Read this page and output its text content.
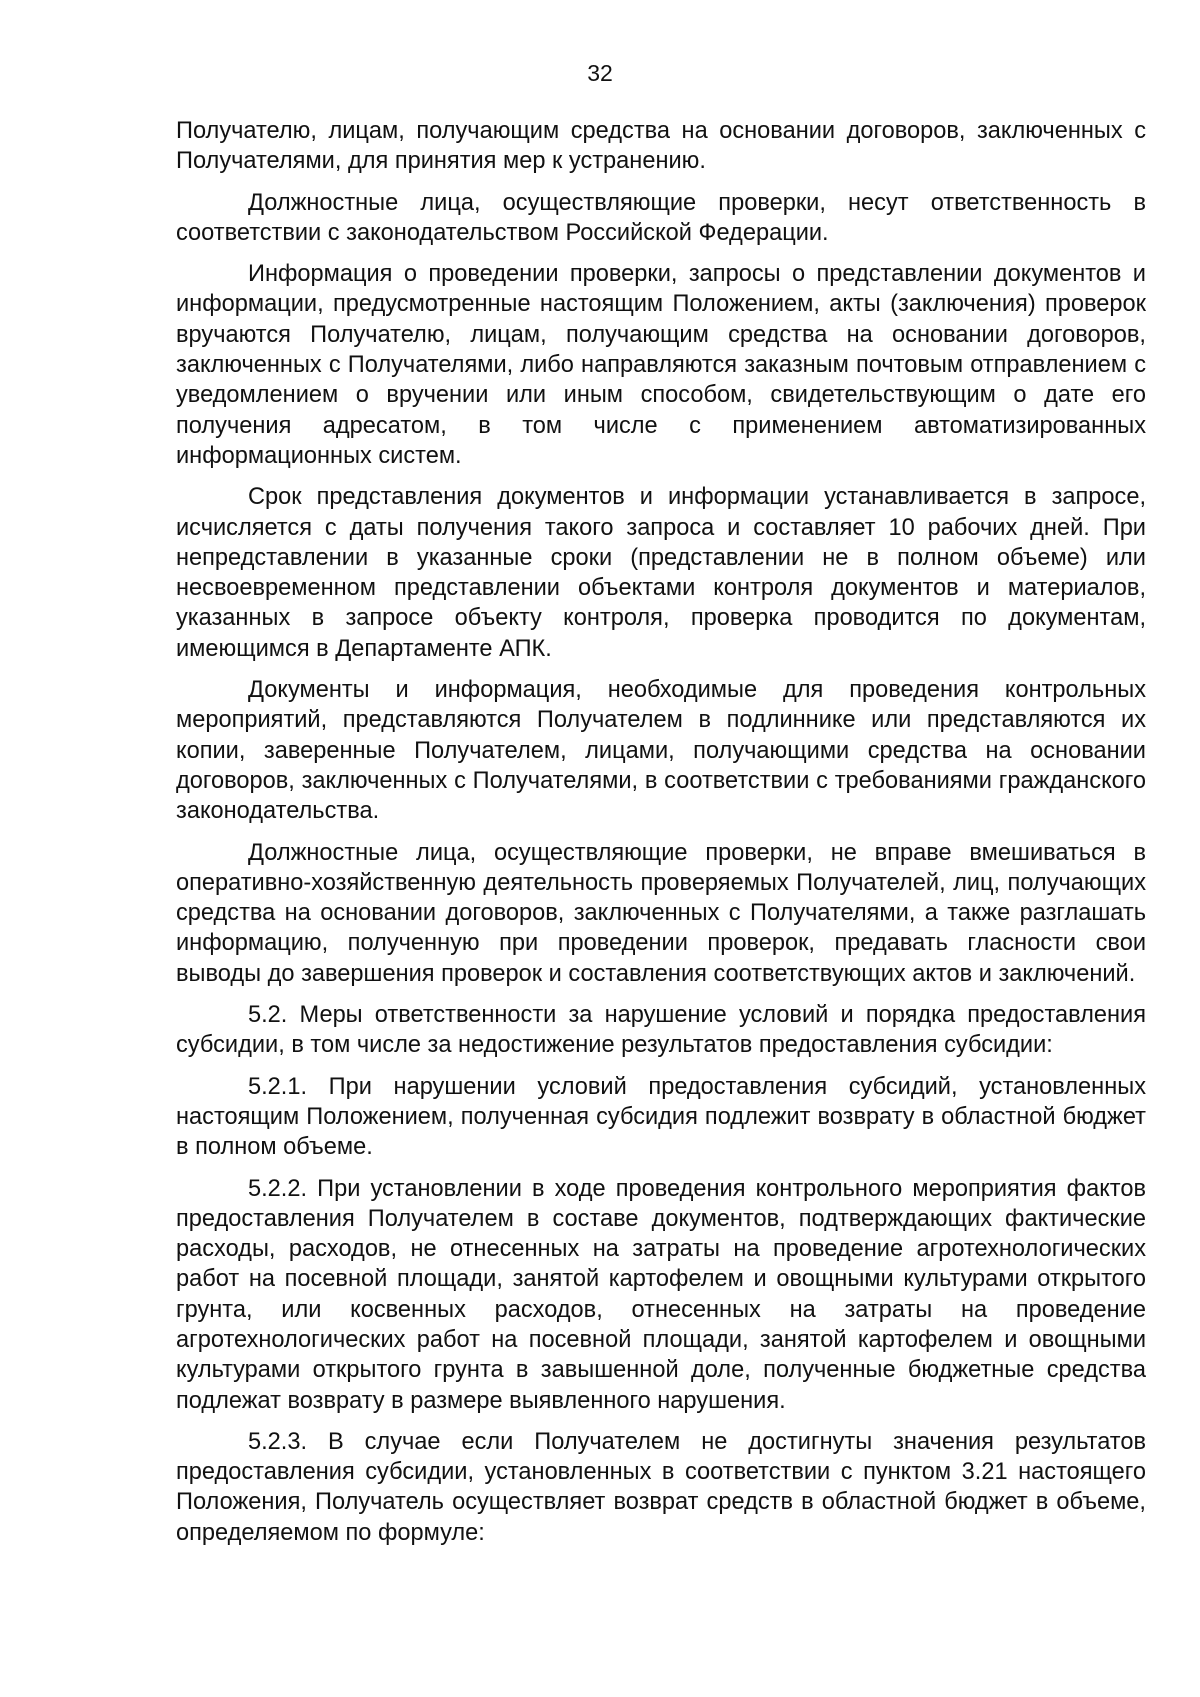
32

Получателю, лицам, получающим средства на основании договоров, заключенных с Получателями, для принятия мер к устранению.

Должностные лица, осуществляющие проверки, несут ответственность в соответствии с законодательством Российской Федерации.

Информация о проведении проверки, запросы о представлении документов и информации, предусмотренные настоящим Положением, акты (заключения) проверок вручаются Получателю, лицам, получающим средства на основании договоров, заключенных с Получателями, либо направляются заказным почтовым отправлением с уведомлением о вручении или иным способом, свидетельствующим о дате его получения адресатом, в том числе с применением автоматизированных информационных систем.

Срок представления документов и информации устанавливается в запросе, исчисляется с даты получения такого запроса и составляет 10 рабочих дней. При непредставлении в указанные сроки (представлении не в полном объеме) или несвоевременном представлении объектами контроля документов и материалов, указанных в запросе объекту контроля, проверка проводится по документам, имеющимся в Департаменте АПК.

Документы и информация, необходимые для проведения контрольных мероприятий, представляются Получателем в подлиннике или представляются их копии, заверенные Получателем, лицами, получающими средства на основании договоров, заключенных с Получателями, в соответствии с требованиями гражданского законодательства.

Должностные лица, осуществляющие проверки, не вправе вмешиваться в оперативно-хозяйственную деятельность проверяемых Получателей, лиц, получающих средства на основании договоров, заключенных с Получателями, а также разглашать информацию, полученную при проведении проверок, предавать гласности свои выводы до завершения проверок и составления соответствующих актов и заключений.

5.2. Меры ответственности за нарушение условий и порядка предоставления субсидии, в том числе за недостижение результатов предоставления субсидии:

5.2.1. При нарушении условий предоставления субсидий, установленных настоящим Положением, полученная субсидия подлежит возврату в областной бюджет в полном объеме.

5.2.2. При установлении в ходе проведения контрольного мероприятия фактов предоставления Получателем в составе документов, подтверждающих фактические расходы, расходов, не отнесенных на затраты на проведение агротехнологических работ на посевной площади, занятой картофелем и овощными культурами открытого грунта, или косвенных расходов, отнесенных на затраты на проведение агротехнологических работ на посевной площади, занятой картофелем и овощными культурами открытого грунта в завышенной доле, полученные бюджетные средства подлежат возврату в размере выявленного нарушения.

5.2.3. В случае если Получателем не достигнуты значения результатов предоставления субсидии, установленных в соответствии с пунктом 3.21 настоящего Положения, Получатель осуществляет возврат средств в областной бюджет в объеме, определяемом по формуле:
